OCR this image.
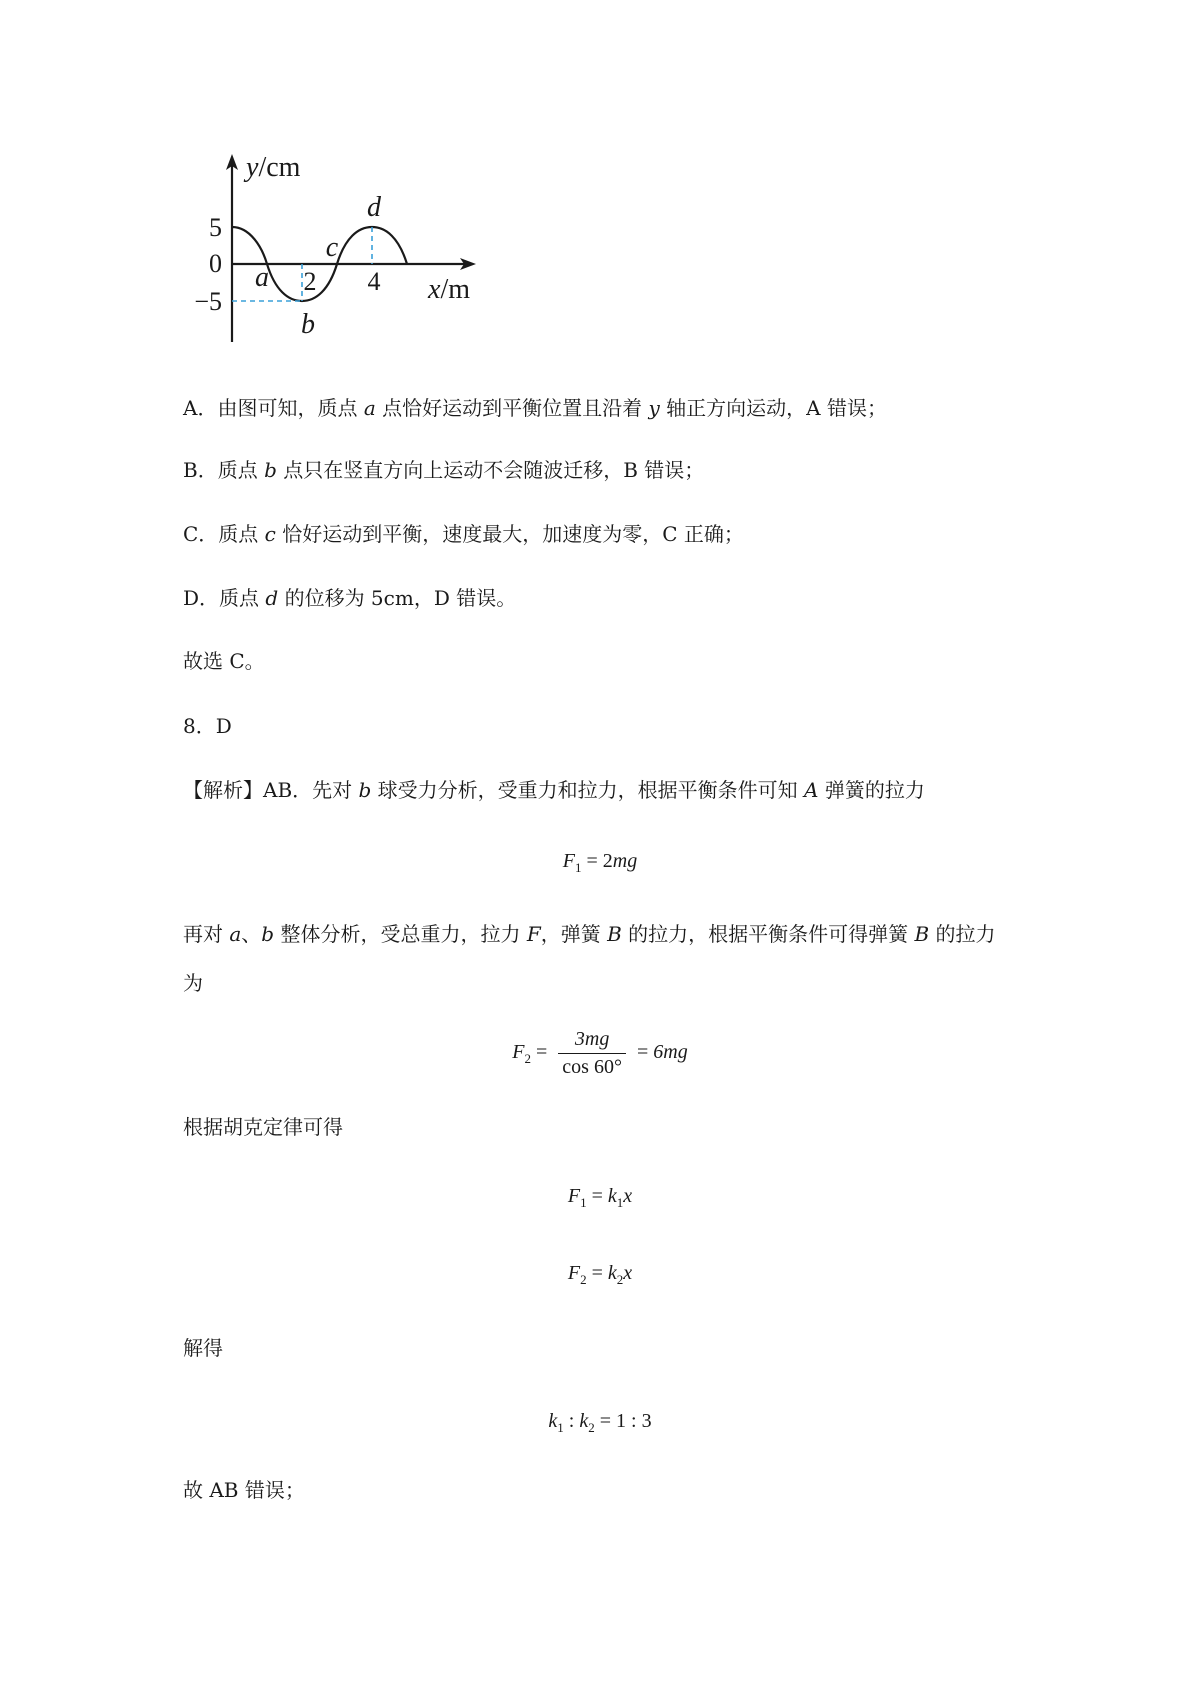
y/cm
x/m
5
0
−5
2 4
a
b
c
d
A．由图可知，质点 a 点恰好运动到平衡位置且沿着 y 轴正方向运动，A 错误；
B．质点 b 点只在竖直方向上运动不会随波迁移，B 错误；
C．质点 c 恰好运动到平衡，速度最大，加速度为零，C 正确；
D．质点 d 的位移为 5cm，D 错误。
故选 C。
8．D
【解析】AB．先对 b 球受力分析，受重力和拉力，根据平衡条件可知 A 弹簧的拉力
$F_1 = 2mg$
再对 a、b 整体分析，受总重力，拉力 F，弹簧 B 的拉力，根据平衡条件可得弹簧 B 的拉力
为
$F_2 = \frac{3mg}{\cos 60^\circ} = 6mg$
根据胡克定律可得
$F_1 = k_1x$
$F_2 = k_2x$
解得
$k_1$ : $k_2 = 1$ : 3
故 AB 错误；
